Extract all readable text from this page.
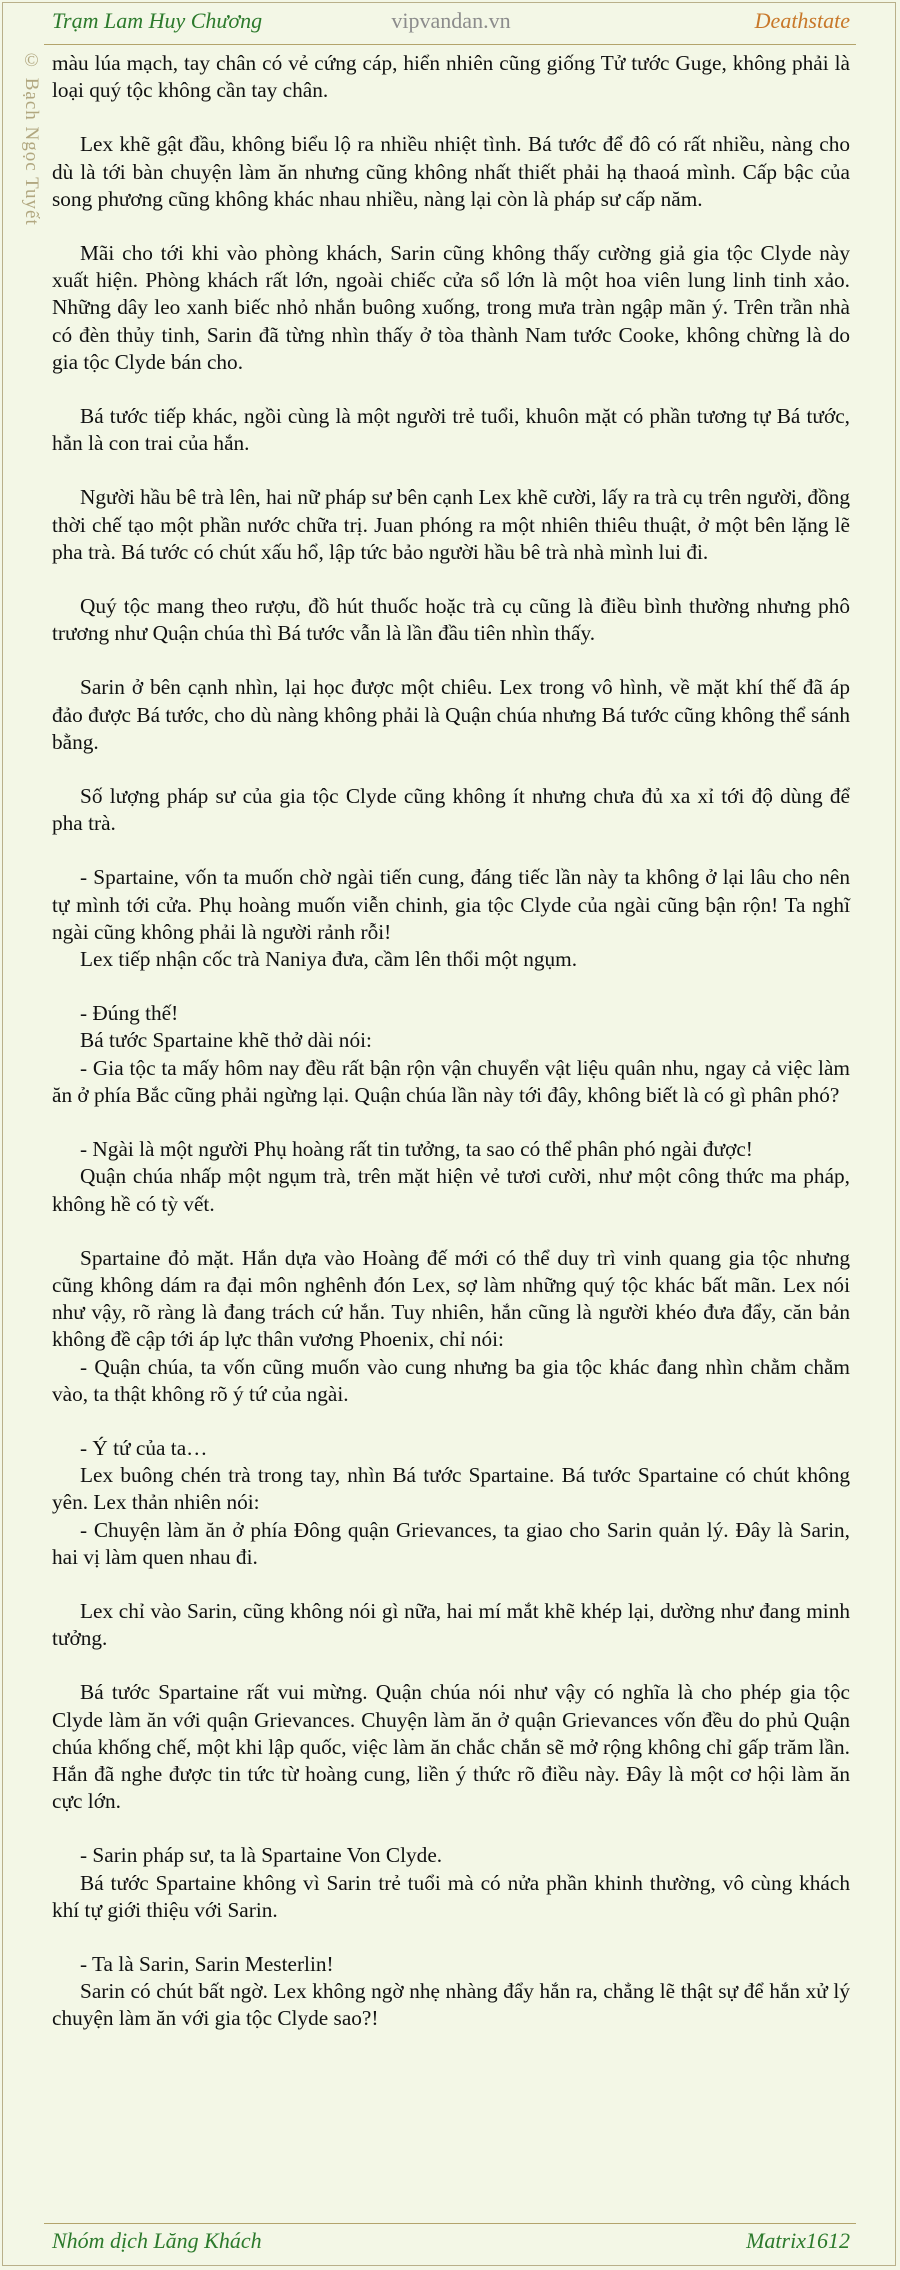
Trạm Lam Huy Chương	vipvandan.vn	Deathstate
© Bạch Ngọc Tuyết màu lúa mạch, tay chân có vẻ cứng cáp, hiển nhiên cũng giống Tử tước Guge, không phải là loại quý tộc không cần tay chân.

Lex khẽ gật đầu, không biểu lộ ra nhiều nhiệt tình. Bá tước để đô có rất nhiều, nàng cho dù là tới bàn chuyện làm ăn nhưng cũng không nhất thiết phải hạ thaoá mình. Cấp bậc của song phương cũng không khác nhau nhiều, nàng lại còn là pháp sư cấp năm.

Mãi cho tới khi vào phòng khách, Sarin cũng không thấy cường giả gia tộc Clyde này xuất hiện. Phòng khách rất lớn, ngoài chiếc cửa sổ lớn là một hoa viên lung linh tinh xảo. Những dây leo xanh biếc nhỏ nhắn buông xuống, trong mưa tràn ngập mãn ý. Trên trần nhà có đèn thủy tinh, Sarin đã từng nhìn thấy ở tòa thành Nam tước Cooke, không chừng là do gia tộc Clyde bán cho.

Bá tước tiếp khác, ngồi cùng là một người trẻ tuổi, khuôn mặt có phần tương tự Bá tước, hẳn là con trai của hắn.

Người hầu bê trà lên, hai nữ pháp sư bên cạnh Lex khẽ cười, lấy ra trà cụ trên người, đồng thời chế tạo một phần nước chữa trị. Juan phóng ra một nhiên thiêu thuật, ở một bên lặng lẽ pha trà. Bá tước có chút xấu hổ, lập tức bảo người hầu bê trà nhà mình lui đi.

Quý tộc mang theo rượu, đồ hút thuốc hoặc trà cụ cũng là điều bình thường nhưng phô trương như Quận chúa thì Bá tước vẫn là lần đầu tiên nhìn thấy.

Sarin ở bên cạnh nhìn, lại học được một chiêu. Lex trong vô hình, về mặt khí thế đã áp đảo được Bá tước, cho dù nàng không phải là Quận chúa nhưng Bá tước cũng không thể sánh bằng.

Số lượng pháp sư của gia tộc Clyde cũng không ít nhưng chưa đủ xa xỉ tới độ dùng để pha trà.

- Spartaine, vốn ta muốn chờ ngài tiến cung, đáng tiếc lần này ta không ở lại lâu cho nên tự mình tới cửa. Phụ hoàng muốn viễn chinh, gia tộc Clyde của ngài cũng bận rộn! Ta nghĩ ngài cũng không phải là người rảnh rỗi!

Lex tiếp nhận cốc trà Naniya đưa, cầm lên thổi một ngụm.

- Đúng thế!

Bá tước Spartaine khẽ thở dài nói:

- Gia tộc ta mấy hôm nay đều rất bận rộn vận chuyển vật liệu quân nhu, ngay cả việc làm ăn ở phía Bắc cũng phải ngừng lại. Quận chúa lần này tới đây, không biết là có gì phân phó?

- Ngài là một người Phụ hoàng rất tin tưởng, ta sao có thể phân phó ngài được!

Quận chúa nhấp một ngụm trà, trên mặt hiện vẻ tươi cười, như một công thức ma pháp, không hề có tỳ vết.

Spartaine đỏ mặt. Hắn dựa vào Hoàng đế mới có thể duy trì vinh quang gia tộc nhưng cũng không dám ra đại môn nghênh đón Lex, sợ làm những quý tộc khác bất mãn. Lex nói như vậy, rõ ràng là đang trách cứ hắn. Tuy nhiên, hắn cũng là người khéo đưa đẩy, căn bản không đề cập tới áp lực thân vương Phoenix, chỉ nói:

- Quận chúa, ta vốn cũng muốn vào cung nhưng ba gia tộc khác đang nhìn chằm chằm vào, ta thật không rõ ý tứ của ngài.

- Ý tứ của ta…

Lex buông chén trà trong tay, nhìn Bá tước Spartaine. Bá tước Spartaine có chút không yên. Lex thản nhiên nói:

- Chuyện làm ăn ở phía Đông quận Grievances, ta giao cho Sarin quản lý. Đây là Sarin, hai vị làm quen nhau đi.

Lex chỉ vào Sarin, cũng không nói gì nữa, hai mí mắt khẽ khép lại, dường như đang minh tưởng.

Bá tước Spartaine rất vui mừng. Quận chúa nói như vậy có nghĩa là cho phép gia tộc Clyde làm ăn với quận Grievances. Chuyện làm ăn ở quận Grievances vốn đều do phủ Quận chúa khống chế, một khi lập quốc, việc làm ăn chắc chắn sẽ mở rộng không chỉ gấp trăm lần. Hắn đã nghe được tin tức từ hoàng cung, liền ý thức rõ điều này. Đây là một cơ hội làm ăn cực lớn.

- Sarin pháp sư, ta là Spartaine Von Clyde.

Bá tước Spartaine không vì Sarin trẻ tuổi mà có nửa phần khinh thường, vô cùng khách khí tự giới thiệu với Sarin.

- Ta là Sarin, Sarin Mesterlin!

Sarin có chút bất ngờ. Lex không ngờ nhẹ nhàng đẩy hắn ra, chẳng lẽ thật sự để hắn xử lý chuyện làm ăn với gia tộc Clyde sao?!

Nhóm dịch Lăng Khách	Matrix1612
